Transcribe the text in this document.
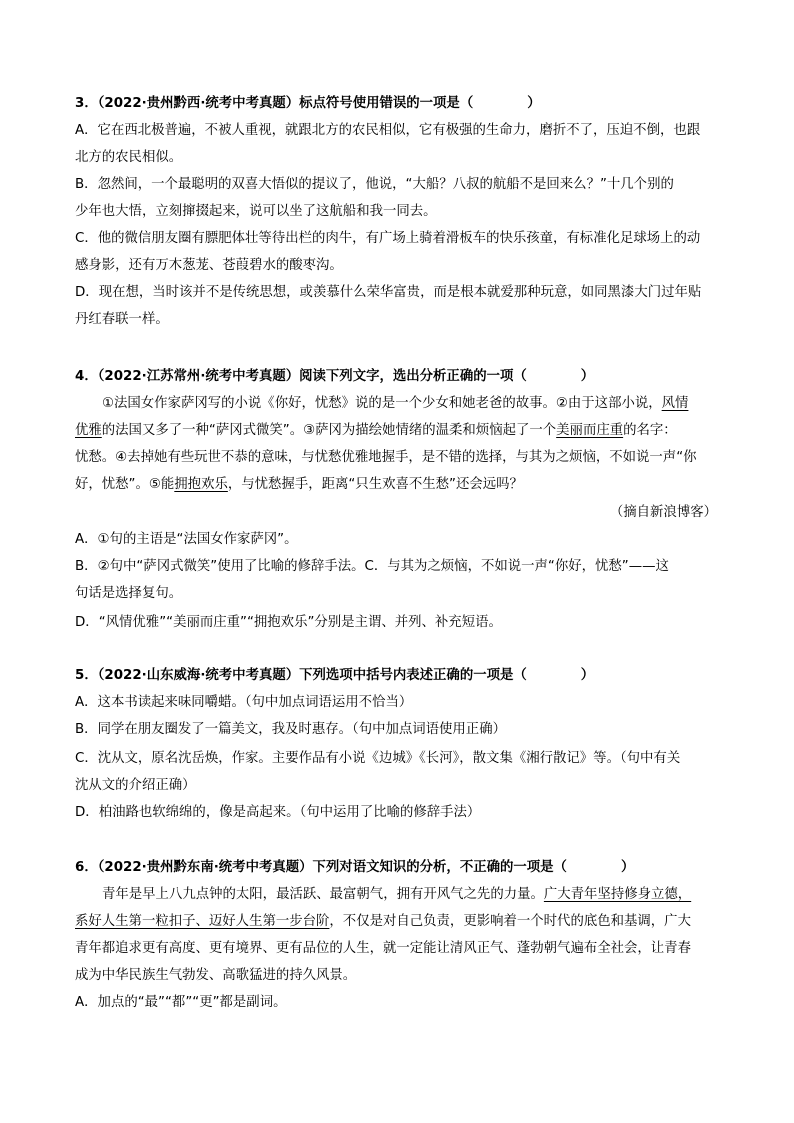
3．（2022·贵州黔西·统考中考真题）标点符号使用错误的一项是（	）
A．它在西北极普遍，不被人重视，就跟北方的农民相似，它有极强的生命力，磨折不了，压迫不倒，也跟
北方的农民相似。
B．忽然间，一个最聪明的双喜大悟似的提议了，他说，“大船？八叔的航船不是回来么？”十几个别的
少年也大悟，立刻撺掇起来，说可以坐了这航船和我一同去。
C．他的微信朋友圈有膘肥体壮等待出栏的肉牛，有广场上骑着滑板车的快乐孩童，有标准化足球场上的动
感身影，还有万木葱茏、苍葭碧水的酸枣沟。
D．现在想，当时该并不是传统思想，或羡慕什么荣华富贵，而是根本就爱那种玩意，如同黑漆大门过年贴
丹红春联一样。
4．（2022·江苏常州·统考中考真题）阅读下列文字，选出分析正确的一项（	）
①法国女作家萨冈写的小说《你好，忧愁》说的是一个少女和她老爸的故事。②由于这部小说，风情
优雅的法国又多了一种“萨冈式微笑”。③萨冈为描绘她情绪的温柔和烦恼起了一个美丽而庄重的名字：
忧愁。④去掉她有些玩世不恭的意味，与忧愁优雅地握手，是不错的选择，与其为之烦恼，不如说一声“你
好，忧愁”。⑤能拥抱欢乐，与忧愁握手，距离“只生欢喜不生愁”还会远吗？
（摘自新浪博客）
A．①句的主语是“法国女作家萨冈”。
B．②句中“萨冈式微笑”使用了比喻的修辞手法。C．与其为之烦恼，不如说一声“你好，忧愁”——这
句话是选择复句。
D．“风情优雅”“美丽而庄重”“拥抱欢乐”分别是主谓、并列、补充短语。
5．（2022·山东威海·统考中考真题）下列选项中括号内表述正确的一项是（	）
A．这本书读起来味同嚼蜡。（句中加点词语运用不恰当）
B．同学在朋友圈发了一篇美文，我及时惠存。（句中加点词语使用正确）
C．沈从文，原名沈岳焕，作家。主要作品有小说《边城》《长河》，散文集《湘行散记》等。（句中有关
沈从文的介绍正确）
D．柏油路也软绵绵的，像是高起来。（句中运用了比喻的修辞手法）
6．（2022·贵州黔东南·统考中考真题）下列对语文知识的分析，不正确的一项是（	）
青年是早上八九点钟的太阳，最活跃、最富朝气，拥有开风气之先的力量。广大青年坚持修身立德，
系好人生第一粒扣子、迈好人生第一步台阶，不仅是对自己负责，更影响着一个时代的底色和基调，广大
青年都追求更有高度、更有境界、更有品位的人生，就一定能让清风正气、蓬勃朝气遍布全社会，让青春
成为中华民族生气勃发、高歌猛进的持久风景。
A．加点的“最”“都”“更”都是副词。
